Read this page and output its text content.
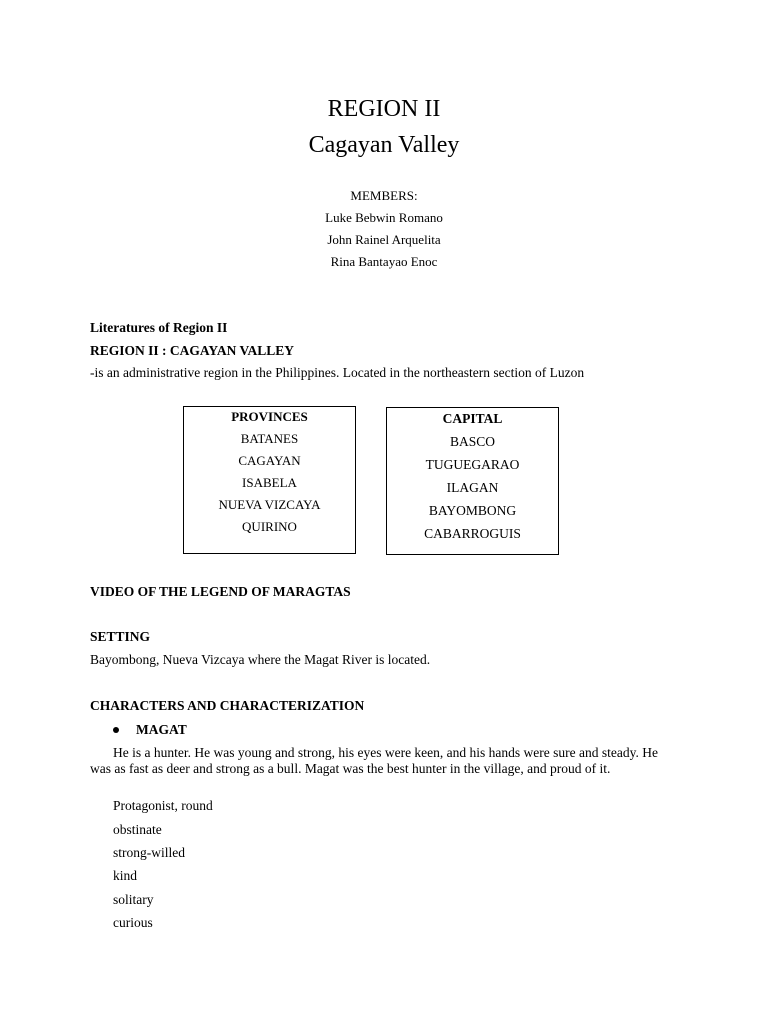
REGION II
Cagayan Valley
MEMBERS:
Luke Bebwin Romano
John Rainel Arquelita
Rina Bantayao Enoc
Literatures of Region II
REGION II : CAGAYAN VALLEY
-is an administrative region in the Philippines. Located in the northeastern section of Luzon
PROVINCES
BATANES
CAGAYAN
ISABELA
NUEVA VIZCAYA
QUIRINO
CAPITAL
BASCO
TUGUEGARAO
ILAGAN
BAYOMBONG
CABARROGUIS
VIDEO OF THE LEGEND OF MARAGTAS
SETTING
Bayombong, Nueva Vizcaya where the Magat River is located.
CHARACTERS AND CHARACTERIZATION
MAGAT
He is a hunter. He was young and strong, his eyes were keen, and his hands were sure and steady. He was as fast as deer and strong as a bull. Magat was the best hunter in the village, and proud of it.
Protagonist, round
obstinate
strong-willed
kind
solitary
curious
